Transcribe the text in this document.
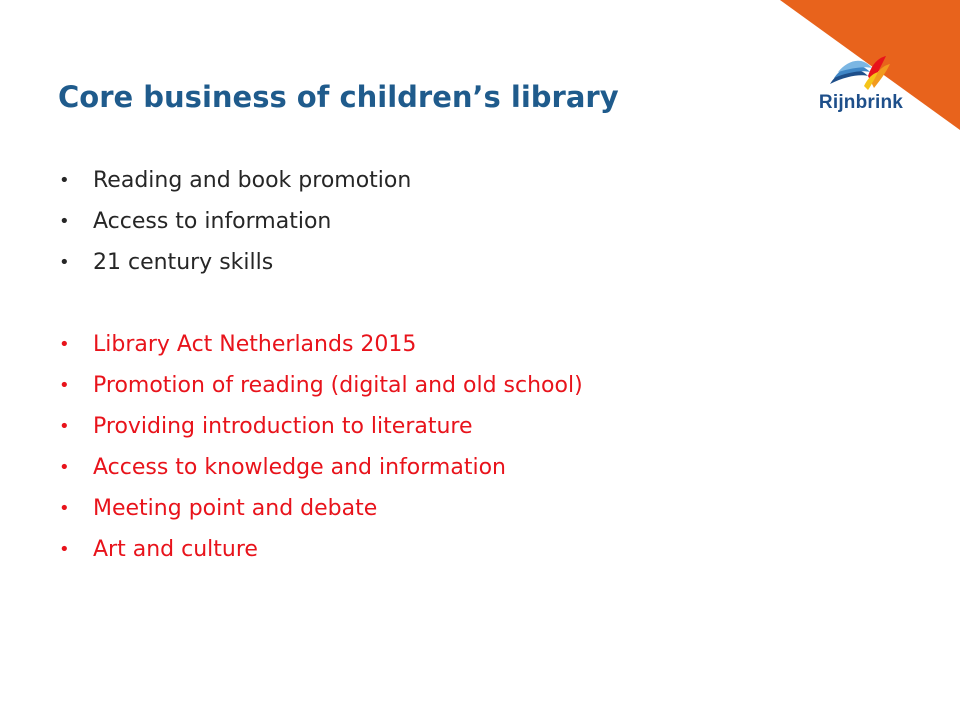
Rijnbrink
Core business of children’s library
• Reading and book promotion
• Access to information
• 21 century skills
• Library Act Netherlands 2015
• Promotion of reading (digital and old school)
• Providing introduction to literature
• Access to knowledge and information
• Meeting point and debate
• Art and culture
